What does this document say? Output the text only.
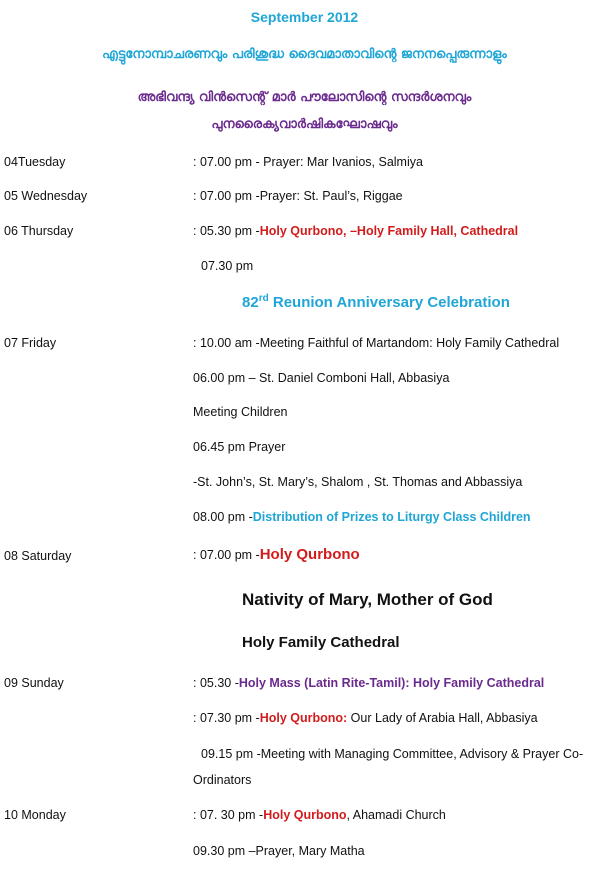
September 2012
എട്ടുനോമ്പാചരണവും പരിശുദ്ധ ദൈവമാതാവിന്റെ ജനനപ്പെരുന്നാളും
അഭിവന്ദ്യ വിൻസെന്റ് മാർ പൗലോസിന്റെ സന്ദർശനവും
പുനരൈക്യവാർഷികഘോഷവും
04Tuesday	: 07.00 pm - Prayer: Mar Ivanios, Salmiya
05 Wednesday	: 07.00 pm -Prayer: St. Paul’s, Riggae
06 Thursday	: 05.30 pm -Holy Qurbono, –Holy Family Hall, Cathedral
07.30 pm
82rd Reunion Anniversary Celebration
07 Friday	: 10.00 am -Meeting Faithful of Martandom: Holy Family Cathedral
06.00 pm – St. Daniel Comboni Hall, Abbasiya
Meeting Children
06.45 pm Prayer
-St. John’s, St. Mary’s, Shalom , St. Thomas and Abbassiya
08.00 pm -Distribution of Prizes to Liturgy Class Children
08 Saturday	: 07.00 pm -Holy Qurbono
Nativity of Mary, Mother of God
Holy Family Cathedral
09 Sunday	: 05.30 -Holy Mass (Latin Rite-Tamil): Holy Family Cathedral
: 07.30 pm -Holy Qurbono: Our Lady of Arabia Hall, Abbasiya
09.15 pm -Meeting with Managing Committee, Advisory & Prayer Co-
Ordinators
10 Monday	: 07. 30 pm -Holy Qurbono, Ahamadi Church
09.30 pm –Prayer, Mary Matha
